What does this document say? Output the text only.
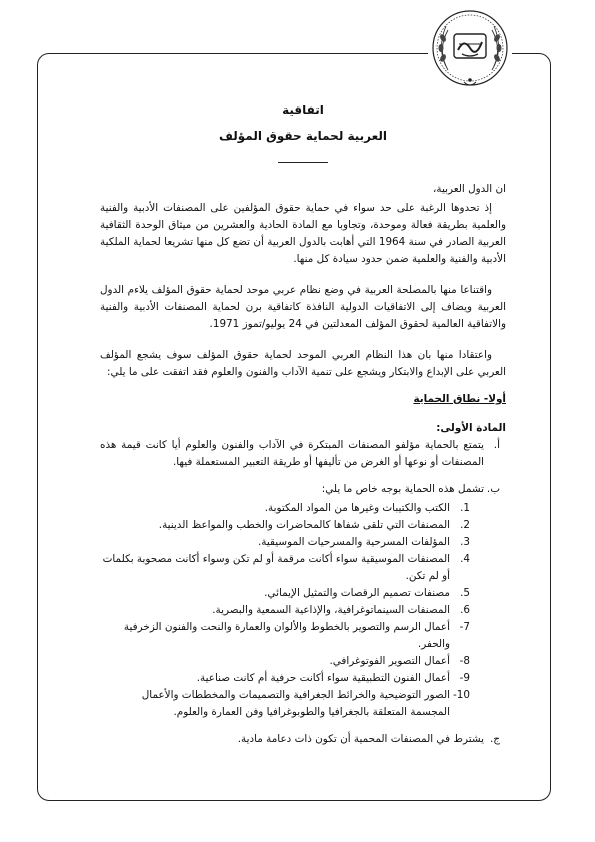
اتفاقية
العربية لحماية حقوق المؤلف
ان الدول العربية،

إذ تحدوها الرغبة على حد سواء في حماية حقوق المؤلفين على المصنفات الأدبية والفنية والعلمية بطريقة فعالة وموحدة، وتجاوبا مع المادة الحادية والعشرين من ميثاق الوحدة الثقافية العربية الصادر في سنة 1964 التي أهابت بالدول العربية أن تضع كل منها تشريعا لحماية الملكية الأدبية والفنية والعلمية ضمن حدود سيادة كل منها.

واقتناعا منها بالمصلحة العربية في وضع نظام عربي موحد لحماية حقوق المؤلف يلاءم الدول العربية ويضاف إلى الاتفاقيات الدولية النافذة كاتفاقية برن لحماية المصنفات الأدبية والفنية والاتفاقية العالمية لحقوق المؤلف المعدلتين في 24 يوليو/تموز 1971.

واعتقادا منها بان هذا النظام العربي الموحد لحماية حقوق المؤلف سوف يشجع المؤلف العربي على الإبداع والابتكار ويشجع على تنمية الآداب والفنون والعلوم فقد اتفقت على ما يلي:

أولا- نطاق الحماية
المادة الأولى:
أ.

يتمتع بالحماية مؤلفو المصنفات المبتكرة في الآداب والفنون والعلوم أيا كانت قيمة هذه المصنفات أو نوعها أو الغرض من تأليفها أو طريقة التعبير المستعملة فيها.

ب.
تشمل هذه الحماية بوجه خاص ما يلي:
1.
الكتب والكتيبات وغيرها من المواد المكتوبة.
2.
المصنفات التي تلقى شفاها كالمحاضرات والخطب والمواعظ الدينية.
3.
المؤلفات المسرحية والمسرحيات الموسيقية.
4.
المصنفات الموسيقية سواء أكانت مرقمة أو لم تكن وسواء أكانت مصحوبة بكلمات أو لم تكن.
5.
مصنفات تصميم الرقصات والتمثيل الإيمائي.
6.
المصنفات السينماتوغرافية، والإذاعية السمعية والبصرية.
7-
أعمال الرسم والتصوير بالخطوط والألوان والعمارة والنحت والفنون الزخرفية والحفر.
8-
أعمال التصوير الفوتوغرافي.
9-
أعمال الفنون التطبيقية سواء أكانت حرفية أم كانت صناعية.
10-
الصور التوضيحية والخرائط الجغرافية والتصميمات والمخططات والأعمال المجسمة المتعلقة بالجغرافيا والطوبوغرافيا وفن العمارة والعلوم.
ج.
يشترط في المصنفات المحمية أن تكون ذات دعامة مادية.
